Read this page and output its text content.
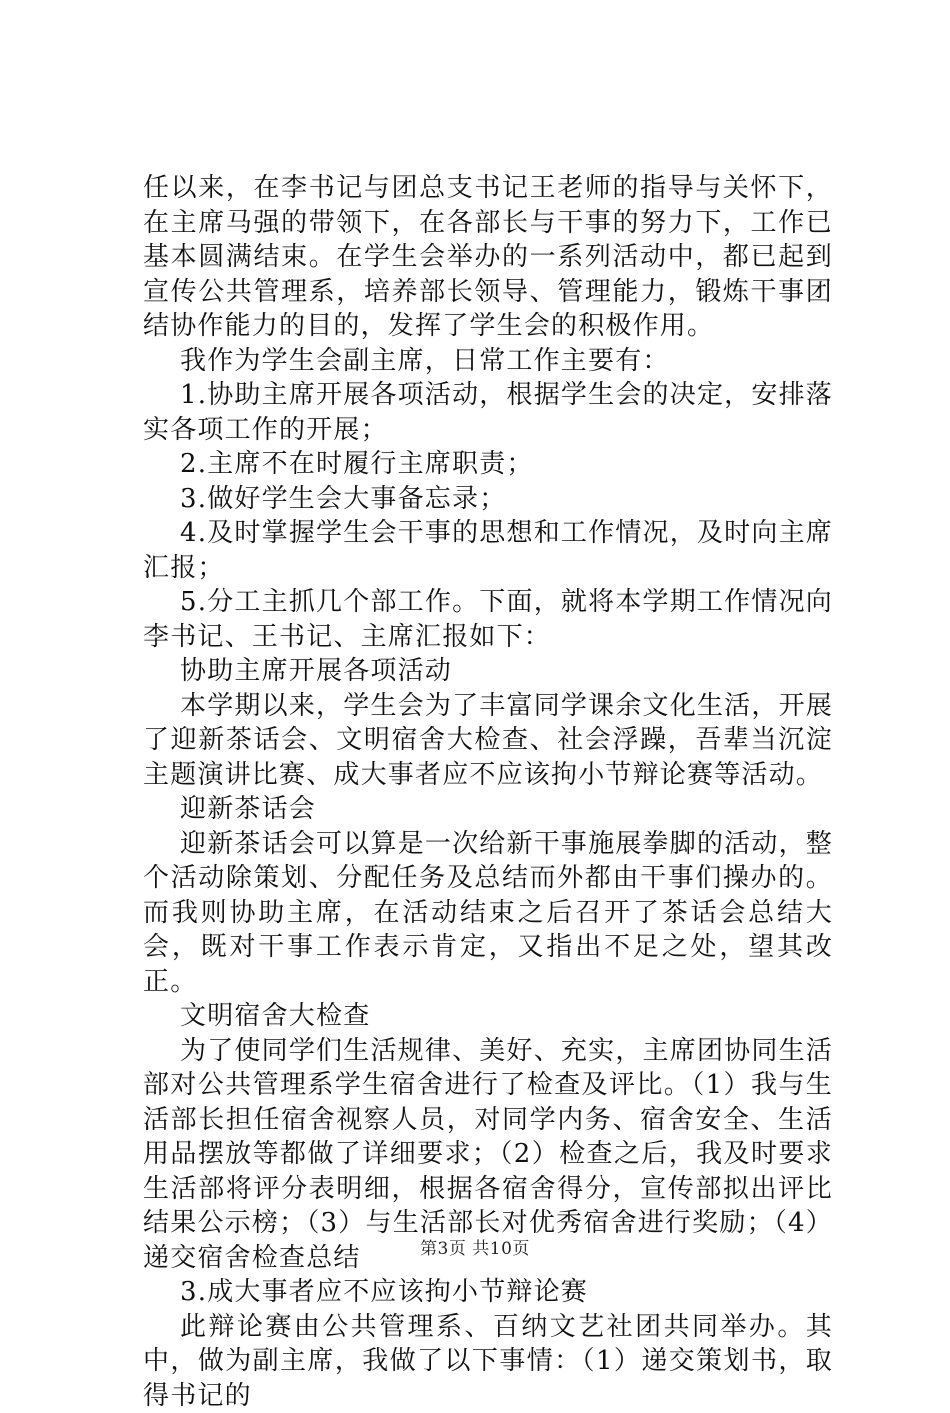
任以来，在李书记与团总支书记王老师的指导与关怀下，在主席马强的带领下，在各部长与干事的努力下，工作已基本圆满结束。在学生会举办的一系列活动中，都已起到宣传公共管理系，培养部长领导、管理能力，锻炼干事团结协作能力的目的，发挥了学生会的积极作用。

我作为学生会副主席，日常工作主要有：

1.协助主席开展各项活动，根据学生会的决定，安排落实各项工作的开展；

2.主席不在时履行主席职责；

3.做好学生会大事备忘录；

4.及时掌握学生会干事的思想和工作情况，及时向主席汇报；

5.分工主抓几个部工作。下面，就将本学期工作情况向李书记、王书记、主席汇报如下：

协助主席开展各项活动

本学期以来，学生会为了丰富同学课余文化生活，开展了迎新茶话会、文明宿舍大检查、社会浮躁，吾辈当沉淀主题演讲比赛、成大事者应不应该拘小节辩论赛等活动。

迎新茶话会

迎新茶话会可以算是一次给新干事施展拳脚的活动，整个活动除策划、分配任务及总结而外都由干事们操办的。而我则协助主席，在活动结束之后召开了茶话会总结大会，既对干事工作表示肯定，又指出不足之处，望其改正。

文明宿舍大检查

为了使同学们生活规律、美好、充实，主席团协同生活部对公共管理系学生宿舍进行了检查及评比。（1）我与生活部长担任宿舍视察人员，对同学内务、宿舍安全、生活用品摆放等都做了详细要求；（2）检查之后，我及时要求生活部将评分表明细，根据各宿舍得分，宣传部拟出评比结果公示榜；（3）与生活部长对优秀宿舍进行奖励；（4）递交宿舍检查总结

3.成大事者应不应该拘小节辩论赛

此辩论赛由公共管理系、百纳文艺社团共同举办。其中，做为副主席，我做了以下事情：（1）递交策划书，取得书记的

第3页 共10页
